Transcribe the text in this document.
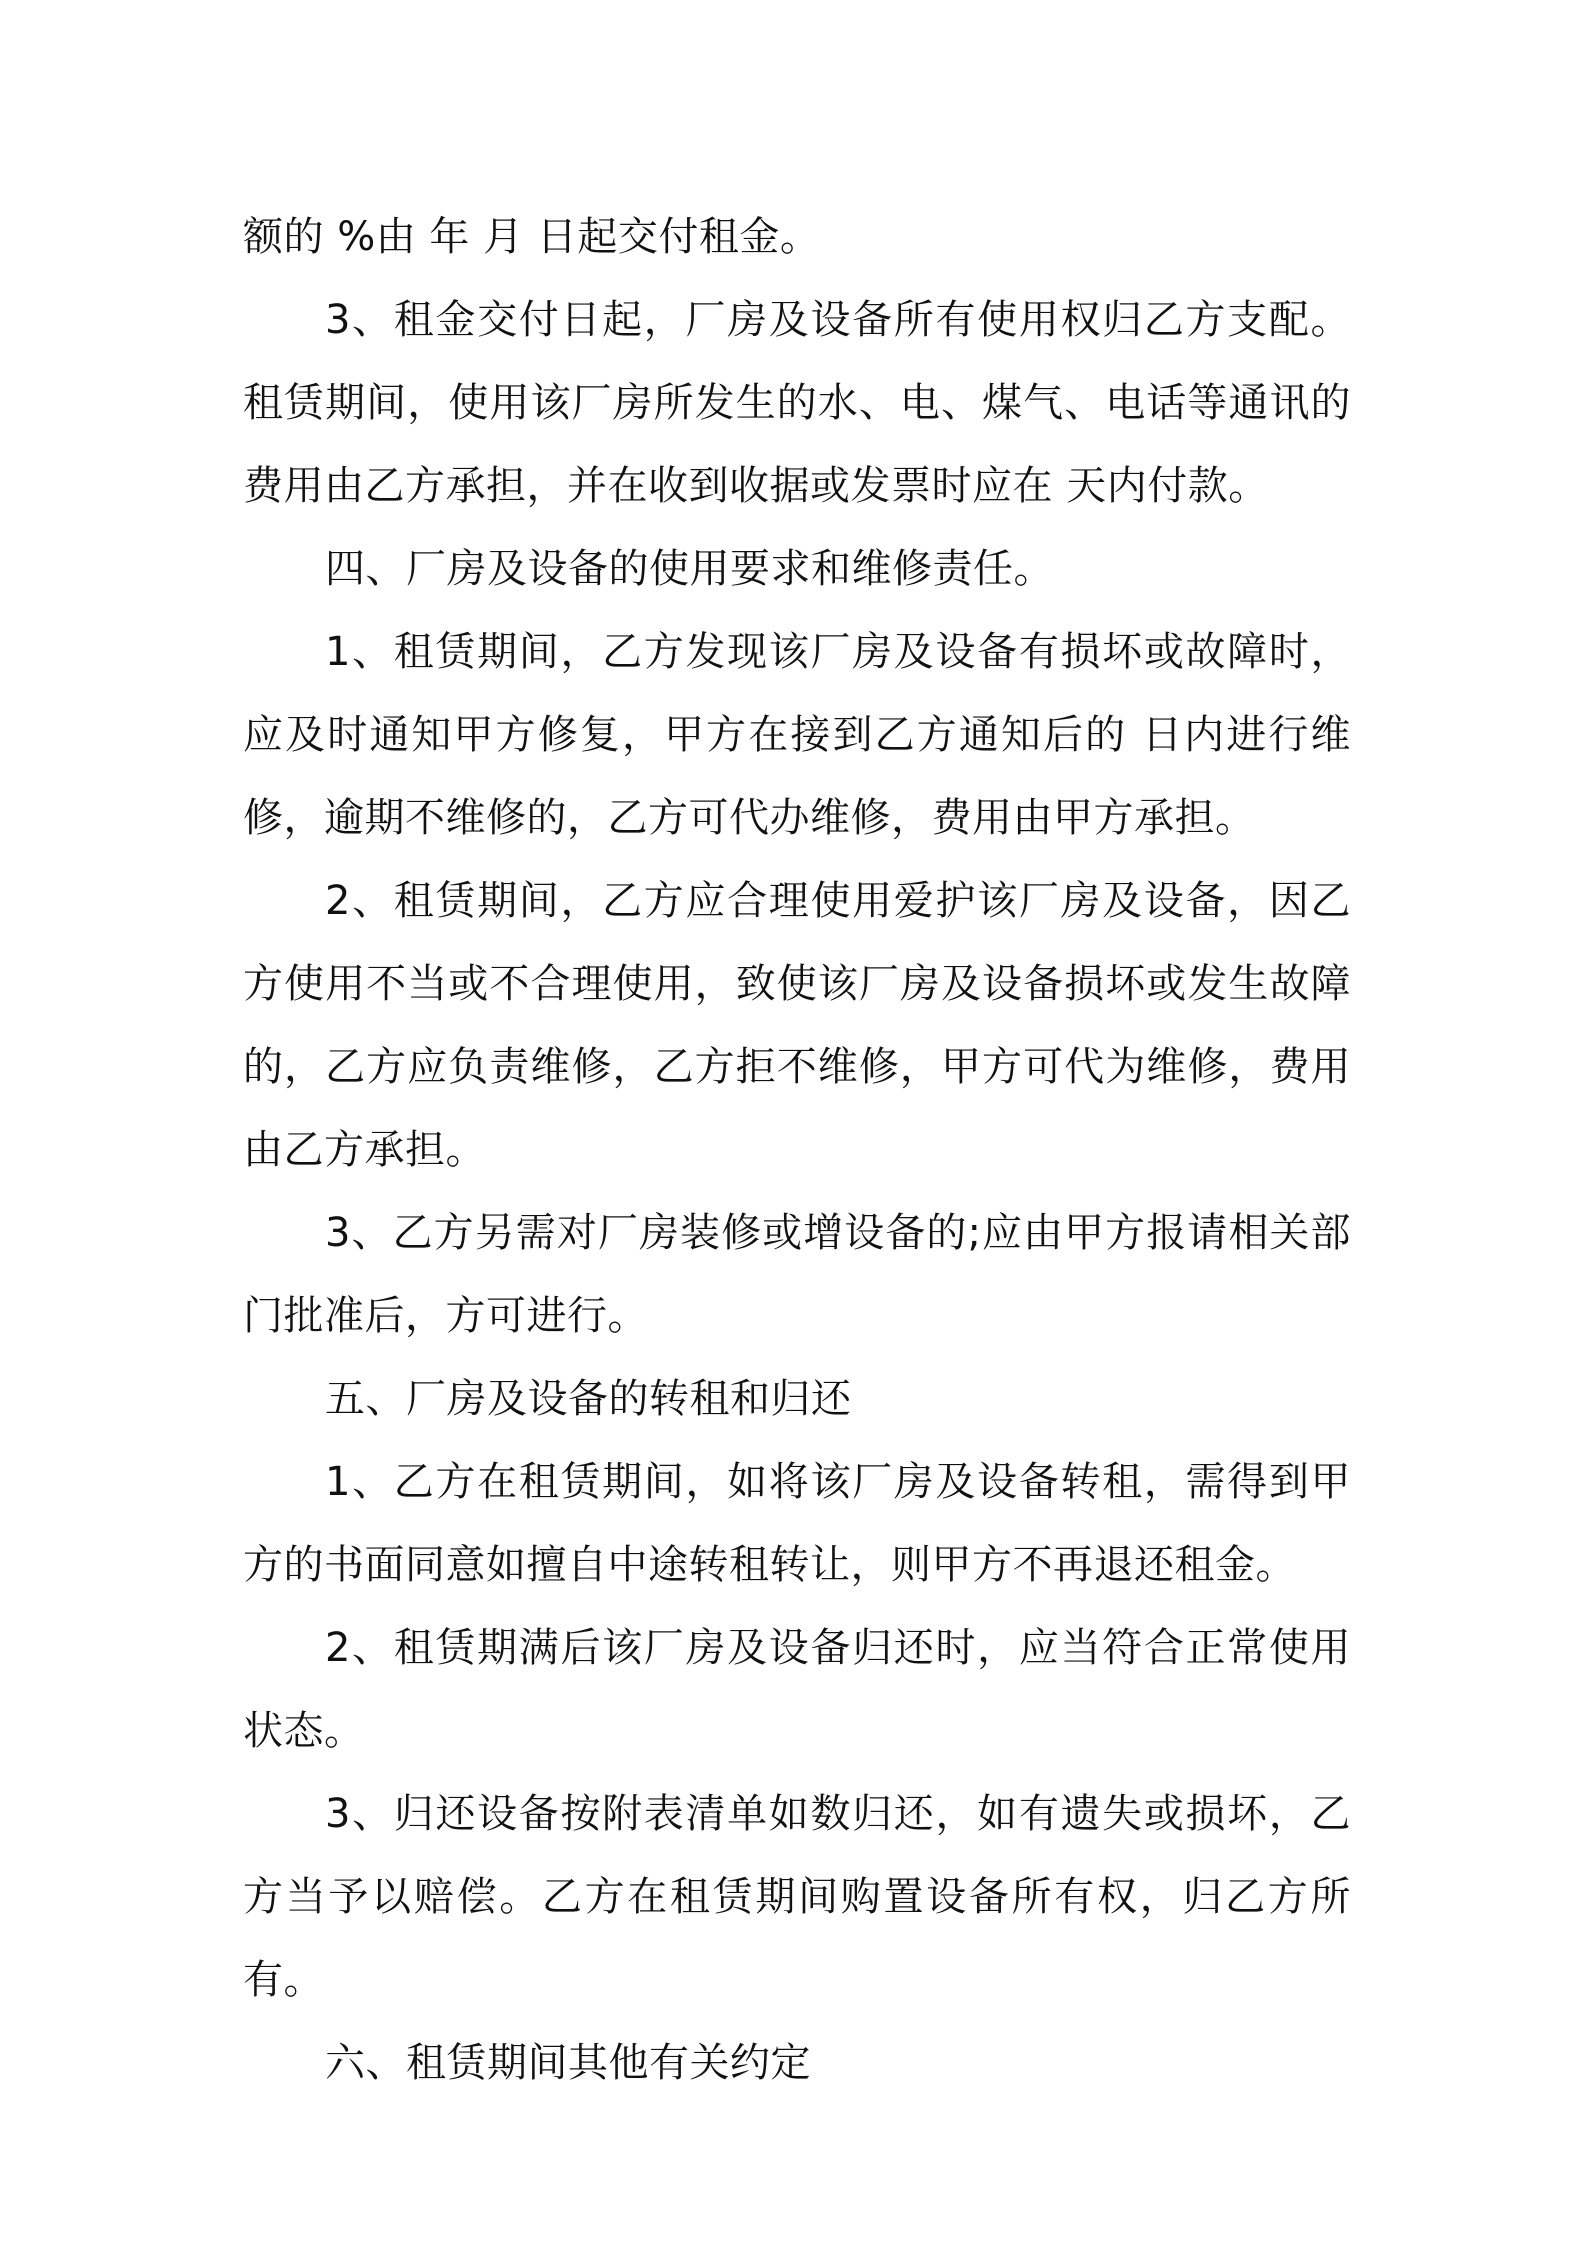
额的 %由 年 月 日起交付租金。

3、租金交付日起，厂房及设备所有使用权归乙方支配。租赁期间，使用该厂房所发生的水、电、煤气、电话等通讯的费用由乙方承担，并在收到收据或发票时应在 天内付款。

四、厂房及设备的使用要求和维修责任。

1、租赁期间，乙方发现该厂房及设备有损坏或故障时，应及时通知甲方修复，甲方在接到乙方通知后的 日内进行维修，逾期不维修的，乙方可代办维修，费用由甲方承担。

2、租赁期间，乙方应合理使用爱护该厂房及设备，因乙方使用不当或不合理使用，致使该厂房及设备损坏或发生故障的，乙方应负责维修，乙方拒不维修，甲方可代为维修，费用由乙方承担。

3、乙方另需对厂房装修或增设备的;应由甲方报请相关部门批准后，方可进行。

五、厂房及设备的转租和归还

1、乙方在租赁期间，如将该厂房及设备转租，需得到甲方的书面同意如擅自中途转租转让，则甲方不再退还租金。

2、租赁期满后该厂房及设备归还时，应当符合正常使用状态。

3、归还设备按附表清单如数归还，如有遗失或损坏，乙方当予以赔偿。乙方在租赁期间购置设备所有权，归乙方所有。

六、租赁期间其他有关约定
